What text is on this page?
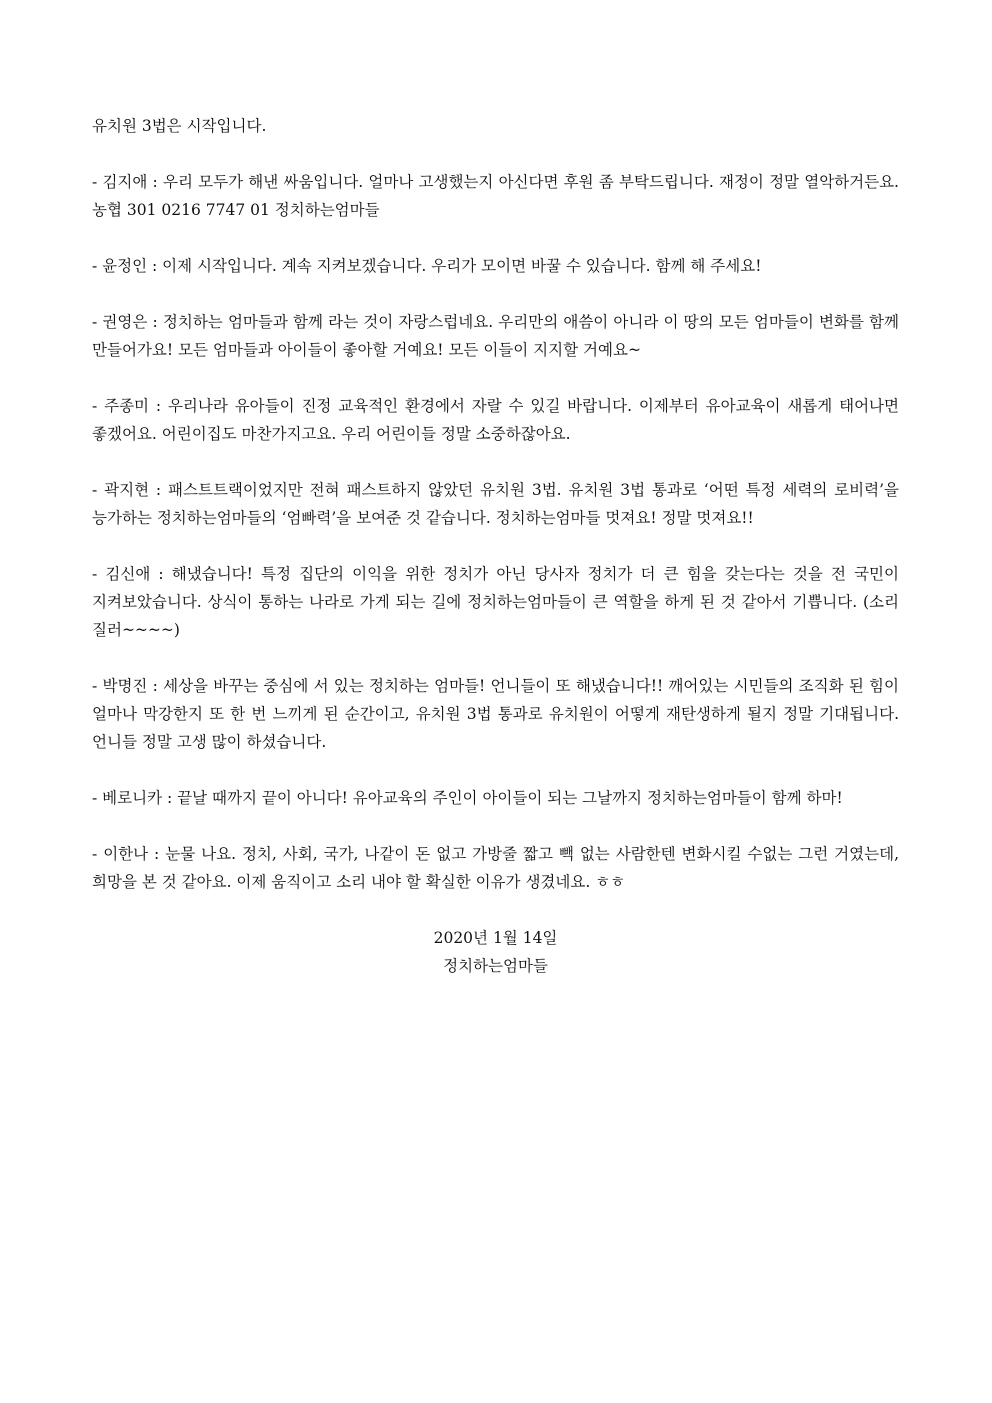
유치원 3법은 시작입니다.

- 김지애 : 우리 모두가 해낸 싸움입니다. 얼마나 고생했는지 아신다면 후원 좀 부탁드립니다. 재정이 정말 열악하거든요. 농협 301 0216 7747 01 정치하는엄마들

- 윤정인 : 이제 시작입니다. 계속 지켜보겠습니다. 우리가 모이면 바꿀 수 있습니다. 함께 해 주세요!

- 권영은 : 정치하는 엄마들과 함께 라는 것이 자랑스럽네요. 우리만의 애씀이 아니라 이 땅의 모든 엄마들이 변화를 함께 만들어가요! 모든 엄마들과 아이들이 좋아할 거예요! 모든 이들이 지지할 거예요~

- 주종미 : 우리나라 유아들이 진정 교육적인 환경에서 자랄 수 있길 바랍니다. 이제부터 유아교육이 새롭게 태어나면 좋겠어요. 어린이집도 마찬가지고요. 우리 어린이들 정말 소중하잖아요.

- 곽지현 : 패스트트랙이었지만 전혀 패스트하지 않았던 유치원 3법. 유치원 3법 통과로 ‘어떤 특정 세력의 로비력’을 능가하는 정치하는엄마들의 ‘엄빠력’을 보여준 것 같습니다. 정치하는엄마들 멋져요! 정말 멋져요!!

- 김신애 : 해냈습니다! 특정 집단의 이익을 위한 정치가 아닌 당사자 정치가 더 큰 힘을 갖는다는 것을 전 국민이 지켜보았습니다. 상식이 통하는 나라로 가게 되는 길에 정치하는엄마들이 큰 역할을 하게 된 것 같아서 기쁩니다. (소리 질러~~~~)

- 박명진 : 세상을 바꾸는 중심에 서 있는 정치하는 엄마들! 언니들이 또 해냈습니다!! 깨어있는 시민들의 조직화 된 힘이 얼마나 막강한지 또 한 번 느끼게 된 순간이고, 유치원 3법 통과로 유치원이 어떻게 재탄생하게 될지 정말 기대됩니다. 언니들 정말 고생 많이 하셨습니다.

- 베로니카 : 끝날 때까지 끝이 아니다! 유아교육의 주인이 아이들이 되는 그날까지 정치하는엄마들이 함께 하마!

- 이한나 : 눈물 나요. 정치, 사회, 국가, 나같이 돈 없고 가방줄 짧고 빽 없는 사람한텐 변화시킬 수없는 그런 거였는데, 희망을 본 것 같아요. 이제 움직이고 소리 내야 할 확실한 이유가 생겼네요. ㅎㅎ

2020년 1월 14일
정치하는엄마들
